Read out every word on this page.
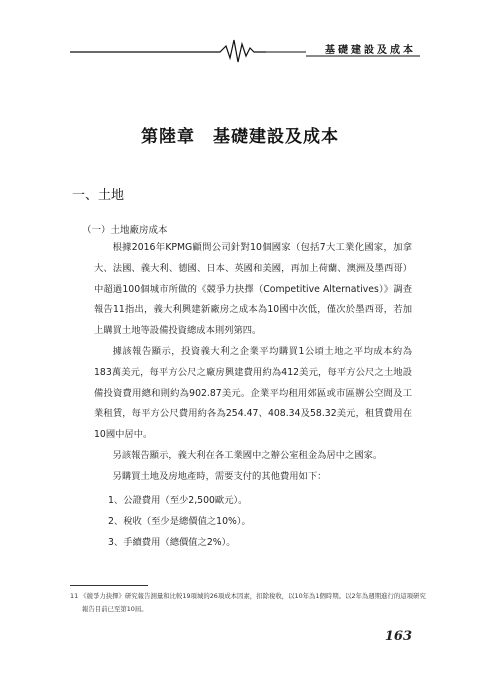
基礎建設及成本
第陸章　基礎建設及成本
一、土地
（一）土地廠房成本
根據2016年KPMG顧問公司針對10個國家（包括7大工業化國家，加拿大、法國、義大利、德國、日本、英國和美國，再加上荷蘭、澳洲及墨西哥）中超過100個城市所做的《競爭力抉擇（Competitive Alternatives）》調查報告11指出，義大利興建新廠房之成本為10國中次低，僅次於墨西哥，若加上購買土地等設備投資總成本則列第四。
據該報告顯示，投資義大利之企業平均購買1公頃土地之平均成本約為183萬美元，每平方公尺之廠房興建費用約為412美元，每平方公尺之土地設備投資費用總和則約為902.87美元。企業平均租用郊區或市區辦公空間及工業租賃，每平方公尺費用約各為254.47、408.34及58.32美元，租賃費用在10國中居中。
另該報告顯示，義大利在各工業國中之辦公室租金為居中之國家。
另購買土地及房地產時，需要支付的其他費用如下：
1、公證費用（至少2,500歐元）。
2、稅收（至少是總價值之10%）。
3、手續費用（總價值之2%）。
11 《競爭力抉擇》研究報告測量和比較19項城的26項成本因素，扣除稅收，以10年為1個時期。以2年為週期進行的這項研究報告目前已至第10屆。
163
